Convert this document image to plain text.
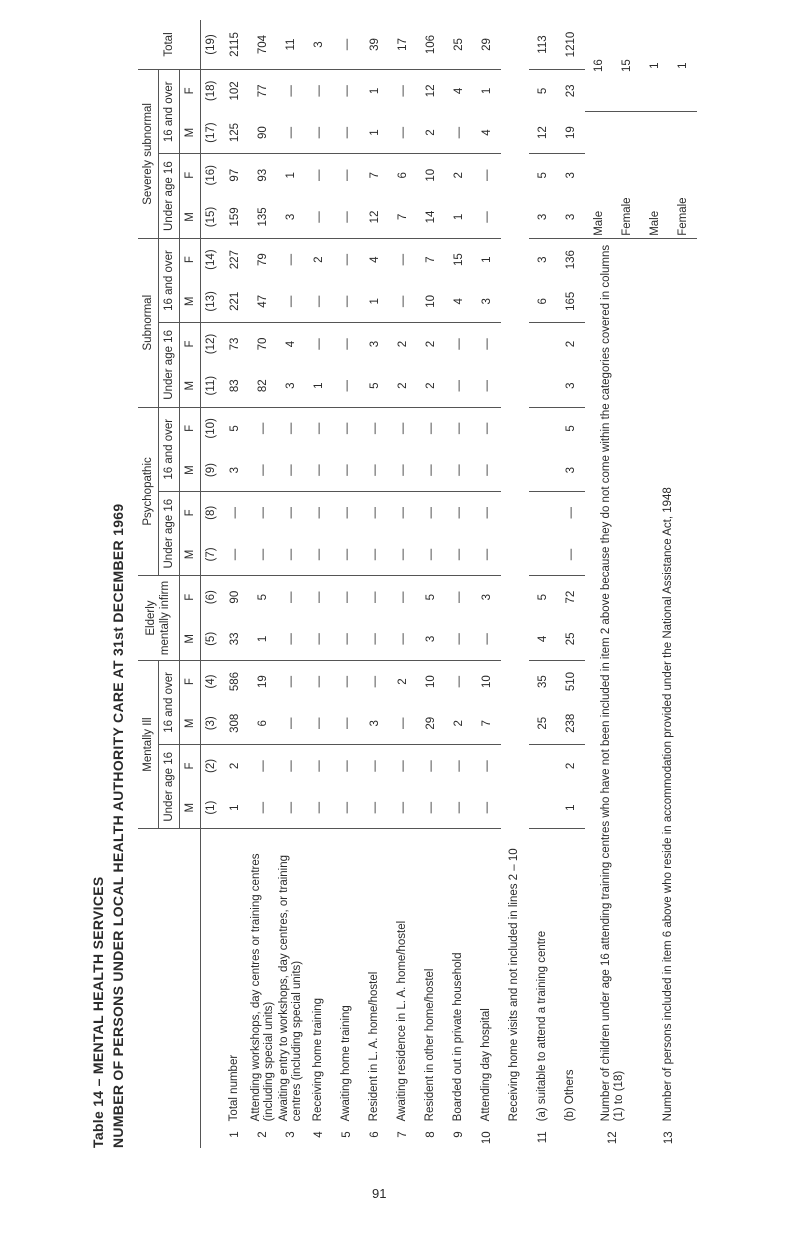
Table 14 – MENTAL HEALTH SERVICES NUMBER OF PERSONS UNDER LOCAL HEALTH AUTHORITY CARE AT 31st DECEMBER 1969
		Mentally Ill				Elderly mentally infirm		Psychopathic				Subnormal				Severely subnormal				Total
		Under age 16		16 and over				Under age 16		16 and over		Under age 16		16 and over		Under age 16		16 and over		
		M	F	M	F	M	F	M	F	M	F	M	F	M	F	M	F	M	F	
		(1)	(2)	(3)	(4)	(5)	(6)	(7)	(8)	(9)	(10)	(11)	(12)	(13)	(14)	(15)	(16)	(17)	(18)	(19)
1	Total number	1	2	308	586	33	90	—	—	3	5	83	73	221	227	159	97	125	102	2115
2	Attending workshops, day centres or training centres (including special units)	—	—	6	19	1	5	—	—	—	—	82	70	47	79	135	93	90	77	704
3	Awaiting entry to workshops, day centres, or training centres (including special units)	—	—	—	—	—	—	—	—	—	—	3	4	—	—	3	1	—	—	11
4	Receiving home training	—	—	—	—	—	—	—	—	—	—	1	—	—	2	—	—	—	—	3
5	Awaiting home training	—	—	—	—	—	—	—	—	—	—	—	—	—	—	—	—	—	—	—
6	Resident in L. A. home/hostel	—	—	3	—	—	—	—	—	—	—	5	3	1	4	12	7	1	1	39
7	Awaiting residence in L. A. home/hostel	—	—	—	2	—	—	—	—	—	—	2	2	—	—	7	6	—	—	17
8	Resident in other home/hostel	—	—	29	10	3	5	—	—	—	—	2	2	10	7	14	10	2	12	106
9	Boarded out in private household	—	—	2	—	—	—	—	—	—	—	—	—	4	15	1	2	—	4	25
10	Attending day hospital	—	—	7	10	—	3	—	—	—	—	—	—	3	1	—	—	4	1	29
11	Receiving home visits and not included in lines 2 – 10																			
	(a) suitable to attend a training centre			25	35	4	5							6	3	3	5	12	5	113
	(b) Others	1	2	238	510	25	72	—	—	3	5	3	2	165	136	3	3	19	23	1210
12	Number of children under age 16 attending training centres who have not been included in item 2 above because they do not come within the categories covered in columns (1) to (18)															Male			16	
																Female			15	
13	Number of persons included in item 6 above who reside in accommodation provided under the National Assistance Act, 1948															Male			1	
																Female			1	
91
